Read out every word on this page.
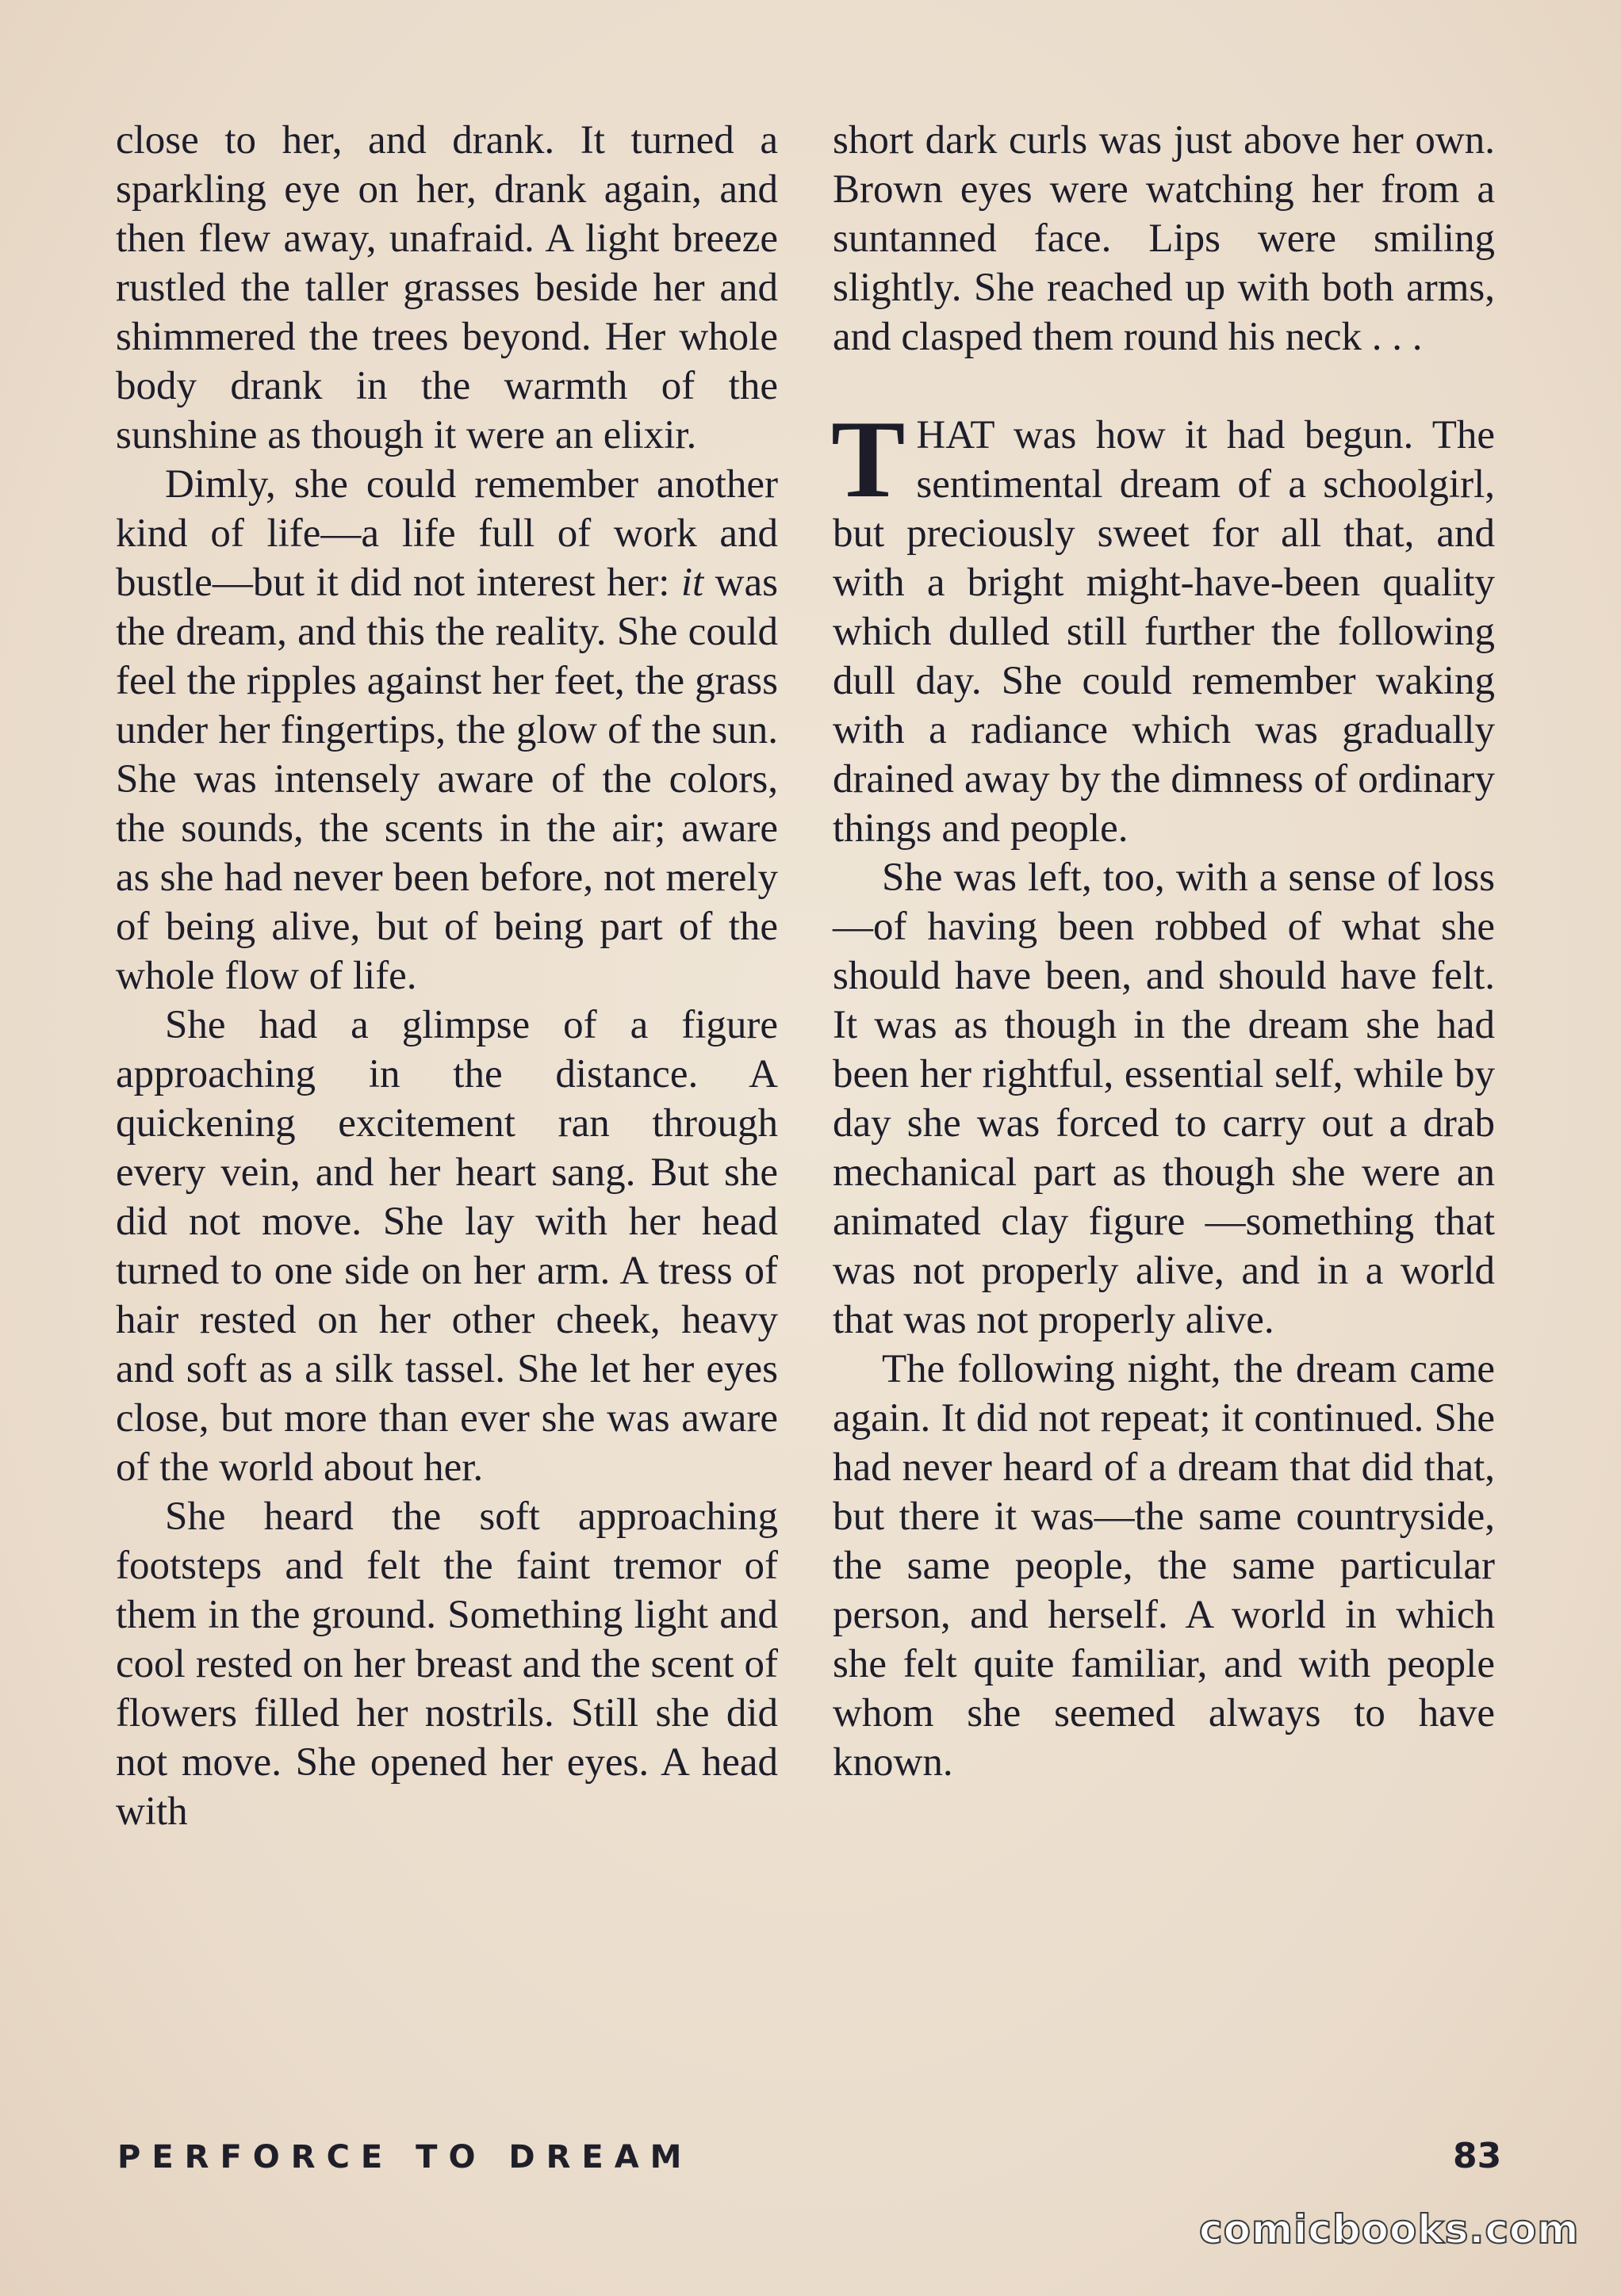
close to her, and drank. It turned a sparkling eye on her, drank again, and then flew away, unafraid. A light breeze rustled the taller grasses beside her and shimmered the trees beyond. Her whole body drank in the warmth of the sunshine as though it were an elixir.

Dimly, she could remember another kind of life—a life full of work and bustle—but it did not interest her: it was the dream, and this the reality. She could feel the ripples against her feet, the grass under her fingertips, the glow of the sun. She was intensely aware of the colors, the sounds, the scents in the air; aware as she had never been before, not merely of being alive, but of being part of the whole flow of life.

She had a glimpse of a figure approaching in the distance. A quickening excitement ran through every vein, and her heart sang. But she did not move. She lay with her head turned to one side on her arm. A tress of hair rested on her other cheek, heavy and soft as a silk tassel. She let her eyes close, but more than ever she was aware of the world about her.

She heard the soft approaching footsteps and felt the faint tremor of them in the ground. Something light and cool rested on her breast and the scent of flowers filled her nostrils. Still she did not move. She opened her eyes. A head with

short dark curls was just above her own. Brown eyes were watching her from a suntanned face. Lips were smiling slightly. She reached up with both arms, and clasped them round his neck . . .

THAT was how it had begun. The sentimental dream of a schoolgirl, but preciously sweet for all that, and with a bright might-have-been quality which dulled still further the following dull day. She could remember waking with a radiance which was gradually drained away by the dimness of ordinary things and people.

She was left, too, with a sense of loss—of having been robbed of what she should have been, and should have felt. It was as though in the dream she had been her rightful, essential self, while by day she was forced to carry out a drab mechanical part as though she were an animated clay figure —something that was not properly alive, and in a world that was not properly alive.

The following night, the dream came again. It did not repeat; it continued. She had never heard of a dream that did that, but there it was—the same countryside, the same people, the same particular person, and herself. A world in which she felt quite familiar, and with people whom she seemed always to have known.

PERFORCE TO DREAM	83
comicbooks.com
